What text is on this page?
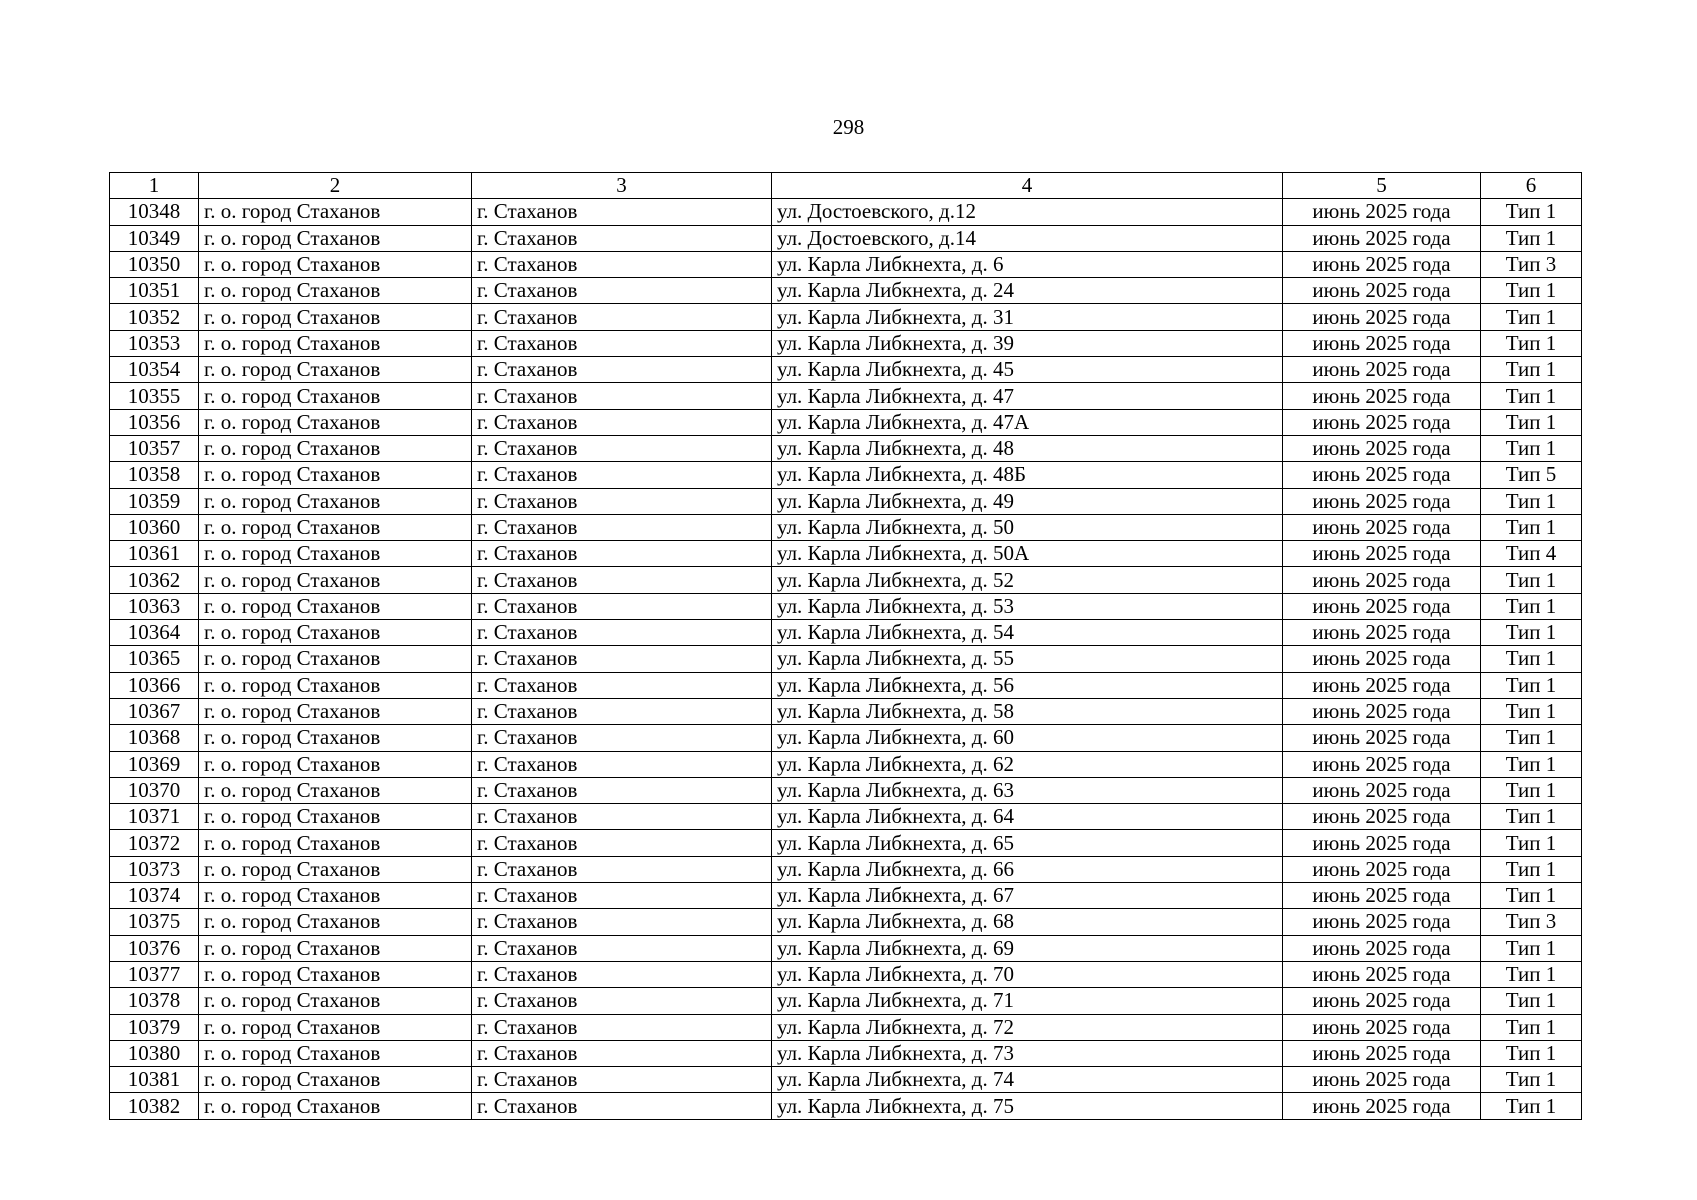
298
1	2	3	4	5	6
10348	г. о. город Стаханов	г. Стаханов	ул. Достоевского, д.12	июнь 2025 года	Тип 1
10349	г. о. город Стаханов	г. Стаханов	ул. Достоевского, д.14	июнь 2025 года	Тип 1
10350	г. о. город Стаханов	г. Стаханов	ул. Карла Либкнехта, д. 6	июнь 2025 года	Тип 3
10351	г. о. город Стаханов	г. Стаханов	ул. Карла Либкнехта, д. 24	июнь 2025 года	Тип 1
10352	г. о. город Стаханов	г. Стаханов	ул. Карла Либкнехта, д. 31	июнь 2025 года	Тип 1
10353	г. о. город Стаханов	г. Стаханов	ул. Карла Либкнехта, д. 39	июнь 2025 года	Тип 1
10354	г. о. город Стаханов	г. Стаханов	ул. Карла Либкнехта, д. 45	июнь 2025 года	Тип 1
10355	г. о. город Стаханов	г. Стаханов	ул. Карла Либкнехта, д. 47	июнь 2025 года	Тип 1
10356	г. о. город Стаханов	г. Стаханов	ул. Карла Либкнехта, д. 47А	июнь 2025 года	Тип 1
10357	г. о. город Стаханов	г. Стаханов	ул. Карла Либкнехта, д. 48	июнь 2025 года	Тип 1
10358	г. о. город Стаханов	г. Стаханов	ул. Карла Либкнехта, д. 48Б	июнь 2025 года	Тип 5
10359	г. о. город Стаханов	г. Стаханов	ул. Карла Либкнехта, д. 49	июнь 2025 года	Тип 1
10360	г. о. город Стаханов	г. Стаханов	ул. Карла Либкнехта, д. 50	июнь 2025 года	Тип 1
10361	г. о. город Стаханов	г. Стаханов	ул. Карла Либкнехта, д. 50А	июнь 2025 года	Тип 4
10362	г. о. город Стаханов	г. Стаханов	ул. Карла Либкнехта, д. 52	июнь 2025 года	Тип 1
10363	г. о. город Стаханов	г. Стаханов	ул. Карла Либкнехта, д. 53	июнь 2025 года	Тип 1
10364	г. о. город Стаханов	г. Стаханов	ул. Карла Либкнехта, д. 54	июнь 2025 года	Тип 1
10365	г. о. город Стаханов	г. Стаханов	ул. Карла Либкнехта, д. 55	июнь 2025 года	Тип 1
10366	г. о. город Стаханов	г. Стаханов	ул. Карла Либкнехта, д. 56	июнь 2025 года	Тип 1
10367	г. о. город Стаханов	г. Стаханов	ул. Карла Либкнехта, д. 58	июнь 2025 года	Тип 1
10368	г. о. город Стаханов	г. Стаханов	ул. Карла Либкнехта, д. 60	июнь 2025 года	Тип 1
10369	г. о. город Стаханов	г. Стаханов	ул. Карла Либкнехта, д. 62	июнь 2025 года	Тип 1
10370	г. о. город Стаханов	г. Стаханов	ул. Карла Либкнехта, д. 63	июнь 2025 года	Тип 1
10371	г. о. город Стаханов	г. Стаханов	ул. Карла Либкнехта, д. 64	июнь 2025 года	Тип 1
10372	г. о. город Стаханов	г. Стаханов	ул. Карла Либкнехта, д. 65	июнь 2025 года	Тип 1
10373	г. о. город Стаханов	г. Стаханов	ул. Карла Либкнехта, д. 66	июнь 2025 года	Тип 1
10374	г. о. город Стаханов	г. Стаханов	ул. Карла Либкнехта, д. 67	июнь 2025 года	Тип 1
10375	г. о. город Стаханов	г. Стаханов	ул. Карла Либкнехта, д. 68	июнь 2025 года	Тип 3
10376	г. о. город Стаханов	г. Стаханов	ул. Карла Либкнехта, д. 69	июнь 2025 года	Тип 1
10377	г. о. город Стаханов	г. Стаханов	ул. Карла Либкнехта, д. 70	июнь 2025 года	Тип 1
10378	г. о. город Стаханов	г. Стаханов	ул. Карла Либкнехта, д. 71	июнь 2025 года	Тип 1
10379	г. о. город Стаханов	г. Стаханов	ул. Карла Либкнехта, д. 72	июнь 2025 года	Тип 1
10380	г. о. город Стаханов	г. Стаханов	ул. Карла Либкнехта, д. 73	июнь 2025 года	Тип 1
10381	г. о. город Стаханов	г. Стаханов	ул. Карла Либкнехта, д. 74	июнь 2025 года	Тип 1
10382	г. о. город Стаханов	г. Стаханов	ул. Карла Либкнехта, д. 75	июнь 2025 года	Тип 1
